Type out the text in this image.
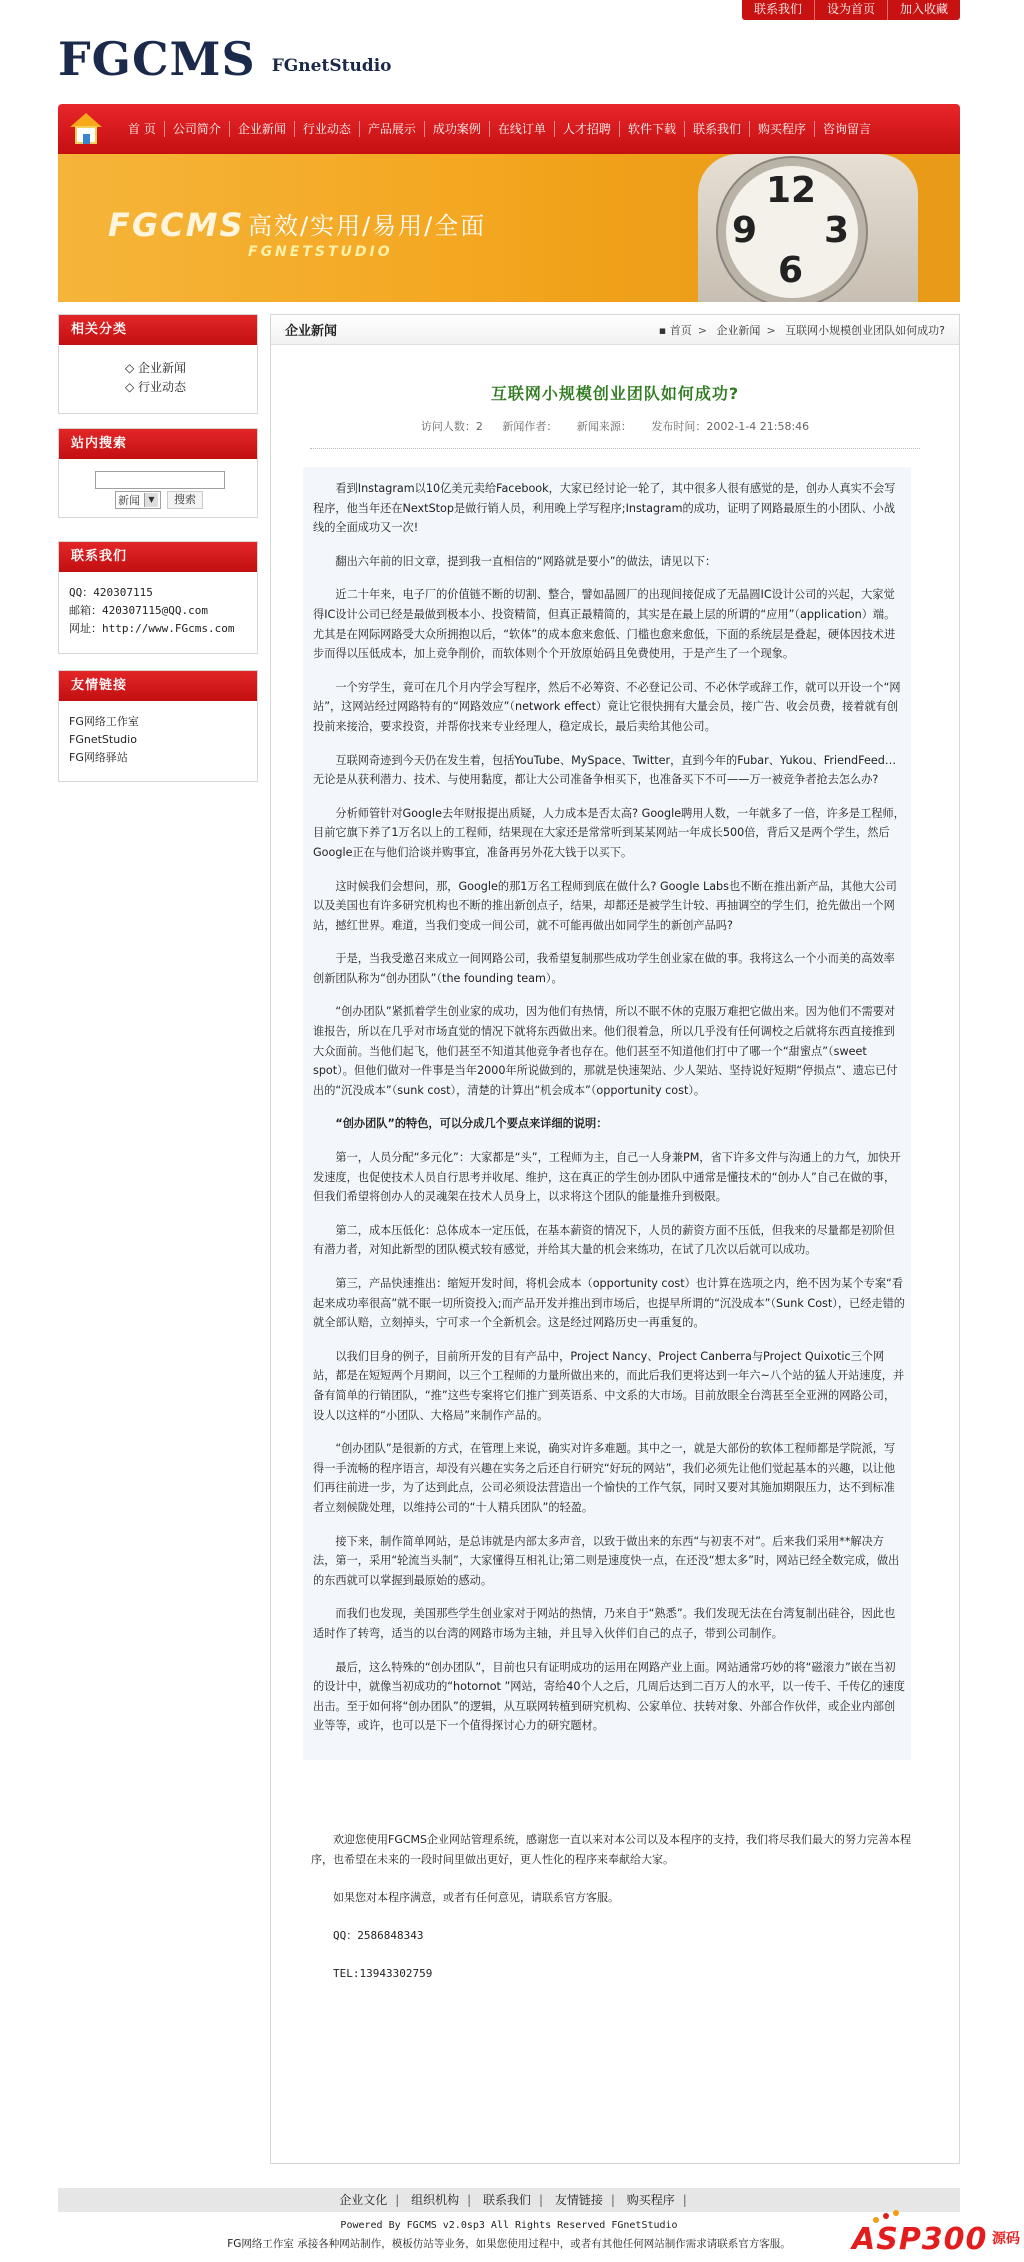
联系我们	设为首页	加入收藏
FGCMS FGnetStudio
首 页	公司简介	企业新闻	行业动态	产品展示	成功案例	在线订单	人才招聘	软件下载	联系我们	购买程序	咨询留言
FGCMS 高效/实用/易用/全面
FGNETSTUDIO
12
9 3
6
相关分类
◇ 企业新闻
◇ 行业动态
站内搜索
新闻	▼	搜索
联系我们
QQ：420307115
邮箱：420307115@QQ.com
网址：http://www.FGcms.com
友情链接
FG网络工作室
FGnetStudio
FG网络驿站
企业新闻	▪ 首页 > 企业新闻 > 互联网小规模创业团队如何成功?
互联网小规模创业团队如何成功?
访问人数：2 新闻作者： 新闻来源： 发布时间：2002-1-4 21:58:46

看到Instagram以10亿美元卖给Facebook，大家已经讨论一轮了，其中很多人很有感觉的是，创办人真实不会写程序，他当年还在NextStop是做行销人员，利用晚上学写程序;Instagram的成功，证明了网路最原生的小团队、小战线的全面成功又一次!

翻出六年前的旧文章，提到我一直相信的“网路就是要小”的做法，请见以下：

近二十年来，电子厂的价值链不断的切割、整合，譬如晶圆厂的出现间接促成了无晶圆IC设计公司的兴起，大家觉得IC设计公司已经是最做到极本小、投资精简，但真正最精简的，其实是在最上层的所谓的“应用”（application）端。尤其是在网际网路受大众所拥抱以后，“软体”的成本愈来愈低、门槛也愈来愈低，下面的系统层是叠起，硬体因技术进步而得以压低成本，加上竞争削价，而软体则个个开放原始码且免费使用，于是产生了一个现象。

一个穷学生，竟可在几个月内学会写程序，然后不必筹资、不必登记公司、不必休学或辞工作，就可以开设一个“网站”，这网站经过网路特有的“网路效应”（network effect）竟让它很快拥有大量会员，接广告、收会员费，接着就有创投前来接洽，要求投资，并帮你找来专业经理人，稳定成长，最后卖给其他公司。

互联网奇迹到今天仍在发生着，包括YouTube、MySpace、Twitter，直到今年的Fubar、Yukou、FriendFeed…无论是从获利潜力、技术、与使用黏度，都让大公司准备争相买下，也准备买下不可——万一被竞争者抢去怎么办?

分析师管针对Google去年财报提出质疑，人力成本是否太高? Google聘用人数，一年就多了一倍，许多是工程师，目前它旗下养了1万名以上的工程师，结果现在大家还是常常听到某某网站一年成长500倍，背后又是两个学生，然后Google正在与他们洽谈并购事宜，准备再另外花大钱于以买下。

这时候我们会想问，那，Google的那1万名工程师到底在做什么? Google Labs也不断在推出新产品，其他大公司以及美国也有许多研究机构也不断的推出新创点子，结果，却都还是被学生计较、再抽调空的学生们，抢先做出一个网站，撼红世界。难道，当我们变成一间公司，就不可能再做出如同学生的新创产品吗?

于是，当我受邀召来成立一间网路公司，我希望复制那些成功学生创业家在做的事。我将这么一个小而美的高效率创新团队称为“创办团队”（the founding team）。

“创办团队”紧抓着学生创业家的成功，因为他们有热情，所以不眠不休的克服万难把它做出来。因为他们不需要对谁报告，所以在几乎对市场直觉的情况下就将东西做出来。他们很着急，所以几乎没有任何调校之后就将东西直接推到大众面前。当他们起飞，他们甚至不知道其他竞争者也存在。他们甚至不知道他们打中了哪一个“甜蜜点”（sweet spot）。但他们做对一件事是当年2000年所说做到的，那就是快速架站、少人架站、坚持说好短期“停损点”、遗忘已付出的“沉没成本”（sunk cost），清楚的计算出“机会成本”（opportunity cost）。

“创办团队”的特色，可以分成几个要点来详细的说明：

第一，人员分配“多元化”：大家都是“头”，工程师为主，自己一人身兼PM，省下许多文件与沟通上的力气，加快开发速度，也促使技术人员自行思考并收尾、维护，这在真正的学生创办团队中通常是懂技术的“创办人”自己在做的事，但我们希望将创办人的灵魂架在技术人员身上，以求将这个团队的能量推升到极限。

第二，成本压低化：总体成本一定压低，在基本薪资的情况下，人员的薪资方面不压低，但我来的尽量都是初阶但有潜力者，对知此新型的团队模式较有感觉，并给其大量的机会来练功，在试了几次以后就可以成功。

第三，产品快速推出：缩短开发时间，将机会成本（opportunity cost）也计算在选项之内，绝不因为某个专案“看起来成功率很高”就不眠一切所资投入;而产品开发并推出到市场后，也提早所谓的“沉没成本”（Sunk Cost），已经走错的就全部认赔，立刻掉头，宁可求一个全新机会。这是经过网路历史一再重复的。

以我们目身的例子，目前所开发的目有产品中，Project Nancy、Project Canberra与Project Quixotic三个网站，都是在短短两个月期间，以三个工程师的力量所做出来的，而此后我们更将达到一年六~八个站的猛人开站速度，并备有简单的行销团队，“推”这些专案将它们推广到英语系、中文系的大市场。目前放眼全台湾甚至全亚洲的网路公司，设人以这样的“小团队、大格局”来制作产品的。

“创办团队”是很新的方式，在管理上来说，确实对许多难题。其中之一，就是大部份的软体工程师都是学院派，写得一手流畅的程序语言，却没有兴趣在实务之后还自行研究“好玩的网站”，我们必须先让他们觉起基本的兴趣，以让他们再往前进一步，为了达到此点，公司必须设法营造出一个愉快的工作气氛，同时又要对其施加期限压力，达不到标准者立刻候陇处理，以维持公司的“十人精兵团队”的轻盈。

接下来，制作简单网站，是总讳就是内部太多声音，以致于做出来的东西“与初衷不对”。后来我们采用**解决方法，第一，采用“轮流当头制”，大家懂得互相礼让;第二则是速度快一点，在还没“想太多”时，网站已经全数完成，做出的东西就可以掌握到最原始的感动。

而我们也发现，美国那些学生创业家对于网站的热情，乃来自于“熟悉”。我们发现无法在台湾复制出硅谷，因此也适时作了转弯，适当的以台湾的网路市场为主轴，并且导入伙伴们自己的点子，带到公司制作。

最后，这么特殊的“创办团队”，目前也只有证明成功的运用在网路产业上面。网站通常巧妙的将“磁滚力”嵌在当初的设计中，就像当初成功的“hotornot ”网站，寄给40个人之后，几周后达到二百万人的水平，以一传千、千传亿的速度出击。至于如何将“创办团队”的逻辑，从互联网转植到研究机构、公家单位、扶转对象、外部合作伙伴，或企业内部创业等等，或许，也可以是下一个值得探讨心力的研究题材。

欢迎您使用FGCMS企业网站管理系统，感谢您一直以来对本公司以及本程序的支持，我们将尽我们最大的努力完善本程序，也希望在未来的一段时间里做出更好，更人性化的程序来奉献给大家。

如果您对本程序满意，或者有任何意见，请联系官方客服。

QQ：2586848343

TEL:13943302759

企业文化 | 组织机构 | 联系我们 | 友情链接 | 购买程序 |
Powered By FGCMS v2.0sp3 All Rights Reserved FGnetStudio
FG网络工作室 承接各种网站制作，模板仿站等业务，如果您使用过程中，或者有其他任何网站制作需求请联系官方客服。	ASP300 源码
